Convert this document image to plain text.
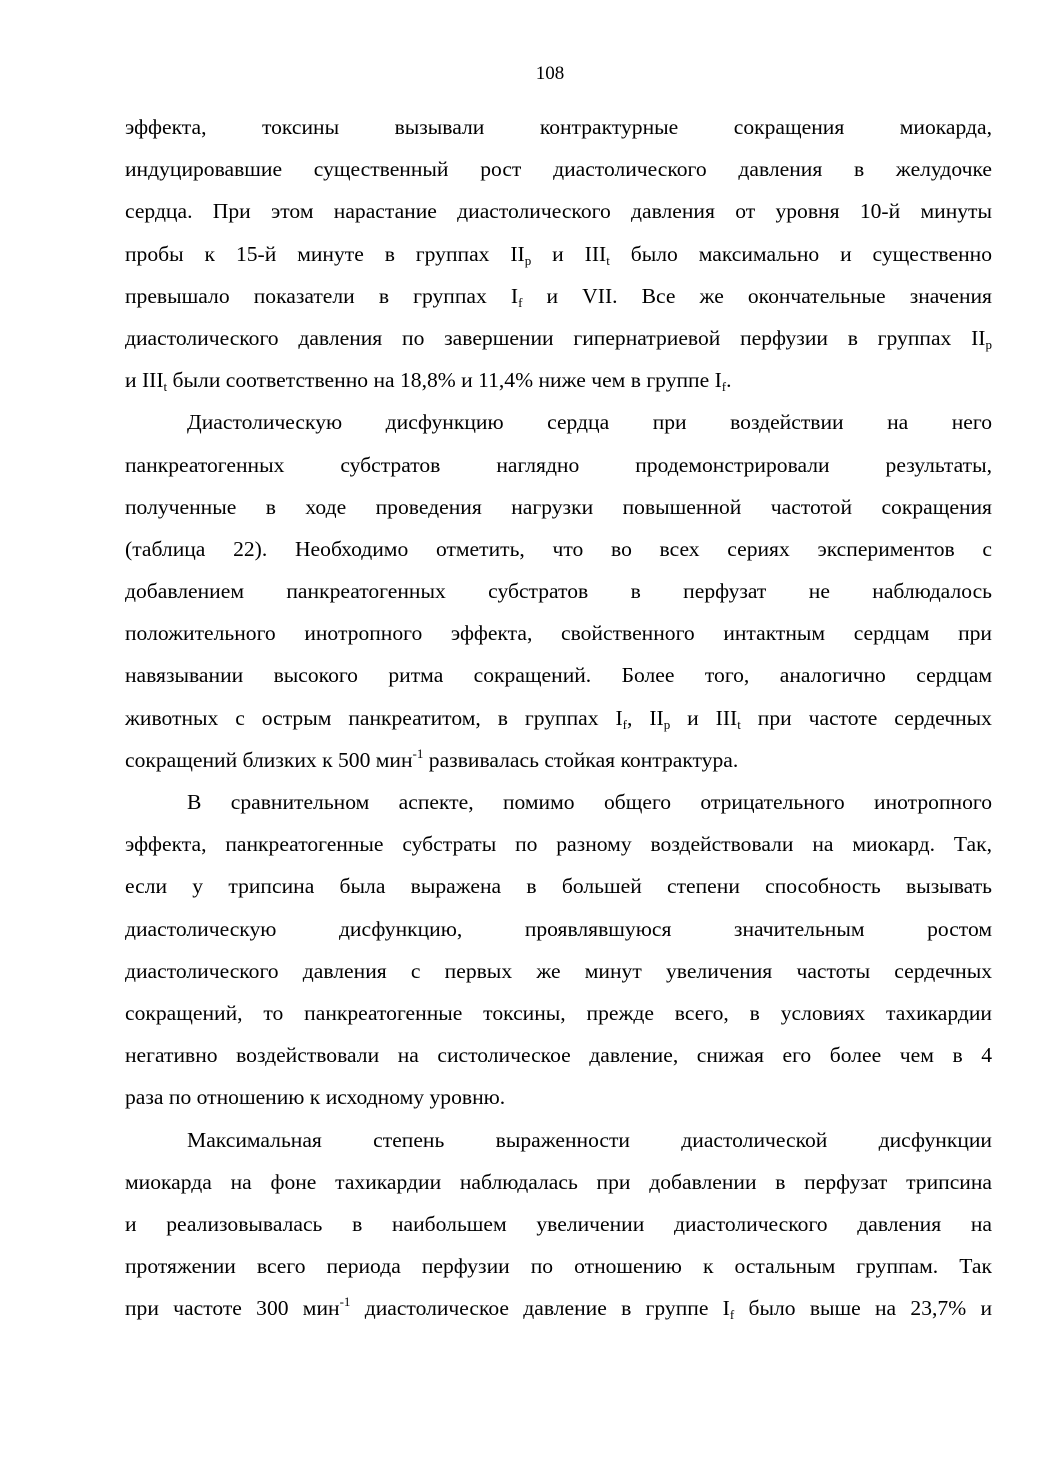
108
эффекта, токсины вызывали контрактурные сокращения миокарда,
индуцировавшие существенный рост диастолического давления в желудочке
сердца. При этом нарастание диастолического давления от уровня 10-й минуты
пробы к 15-й минуте в группах $II_p$ и $III_t$ было максимально и существенно
превышало показатели в группах $I_f$ и VII. Все же окончательные значения
диастолического давления по завершении гипернатриевой перфузии в группах $II_p$
и $III_t$ были соответственно на 18,8% и 11,4% ниже чем в группе $I_f$.
Диастолическую дисфункцию сердца при воздействии на него
панкреатогенных субстратов наглядно продемонстрировали результаты,
полученные в ходе проведения нагрузки повышенной частотой сокращения
(таблица 22). Необходимо отметить, что во всех сериях экспериментов с
добавлением панкреатогенных субстратов в перфузат не наблюдалось
положительного инотропного эффекта, свойственного интактным сердцам при
навязывании высокого ритма сокращений. Более того, аналогично сердцам
животных с острым панкреатитом, в группах $I_f$, $II_p$ и $III_t$ при частоте сердечных
сокращений близких к 500 мин$^{-1}$ развивалась стойкая контрактура.
В сравнительном аспекте, помимо общего отрицательного инотропного
эффекта, панкреатогенные субстраты по разному воздействовали на миокард. Так,
если у трипсина была выражена в большей степени способность вызывать
диастолическую дисфункцию, проявлявшуюся значительным ростом
диастолического давления с первых же минут увеличения частоты сердечных
сокращений, то панкреатогенные токсины, прежде всего, в условиях тахикардии
негативно воздействовали на систолическое давление, снижая его более чем в 4
раза по отношению к исходному уровню.
Максимальная степень выраженности диастолической дисфункции
миокарда на фоне тахикардии наблюдалась при добавлении в перфузат трипсина
и реализовывалась в наибольшем увеличении диастолического давления на
протяжении всего периода перфузии по отношению к остальным группам. Так
при частоте 300 мин$^{-1}$ диастолическое давление в группе $I_f$ было выше на 23,7% и
